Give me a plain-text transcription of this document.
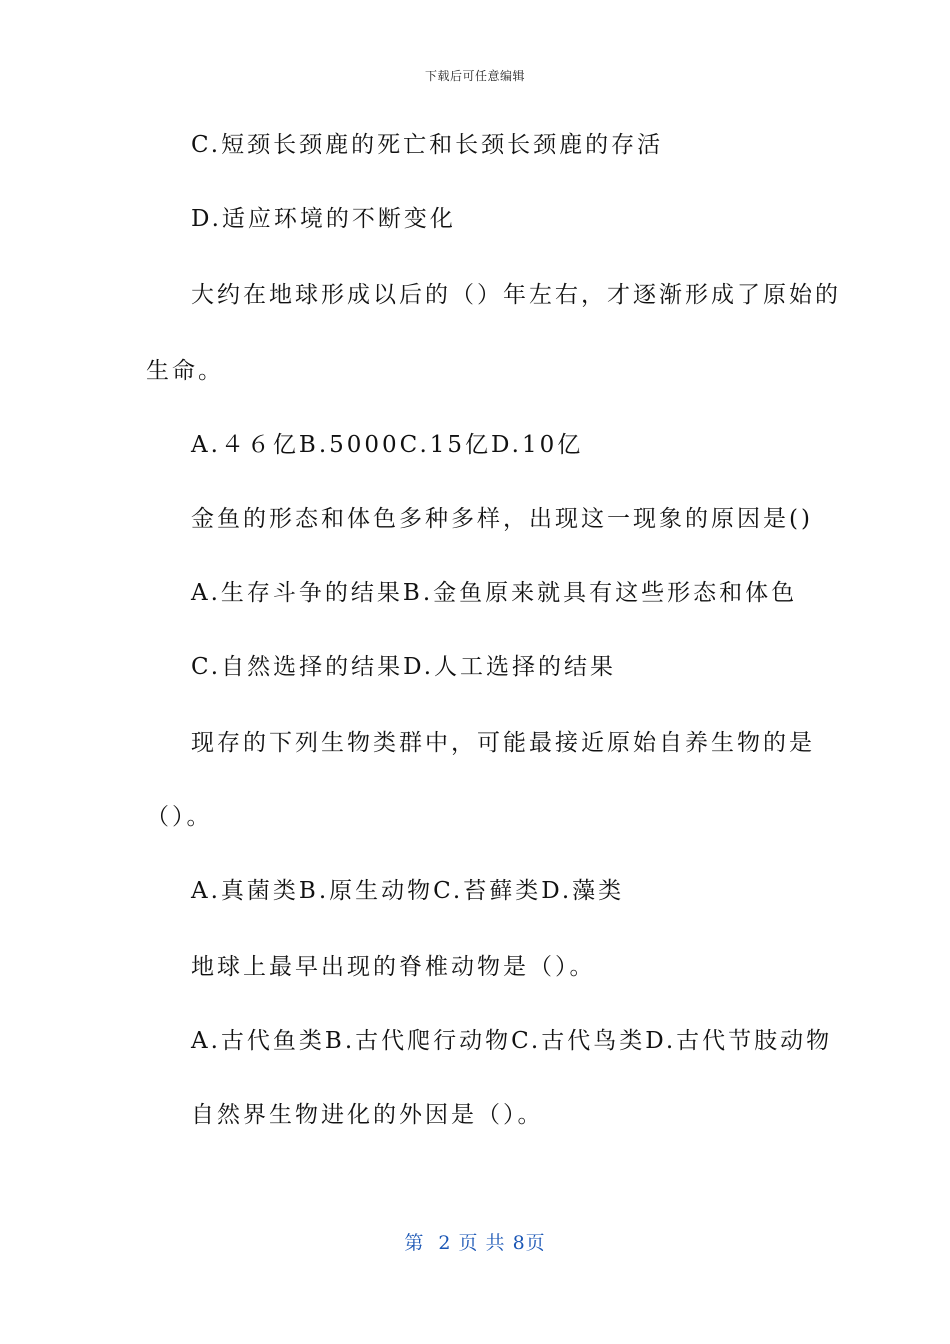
下载后可任意编辑
C.短颈长颈鹿的死亡和长颈长颈鹿的存活
D.适应环境的不断变化
大约在地球形成以后的（）年左右，才逐渐形成了原始的
生命。
A.４６亿B.5000C.15亿D.10亿
金鱼的形态和体色多种多样，出现这一现象的原因是()
A.生存斗争的结果B.金鱼原来就具有这些形态和体色
C.自然选择的结果D.人工选择的结果
现存的下列生物类群中，可能最接近原始自养生物的是
（）。
A.真菌类B.原生动物C.苔藓类D.藻类
地球上最早出现的脊椎动物是（）。
A.古代鱼类B.古代爬行动物C.古代鸟类D.古代节肢动物
自然界生物进化的外因是（）。
第  2 页 共 8页
